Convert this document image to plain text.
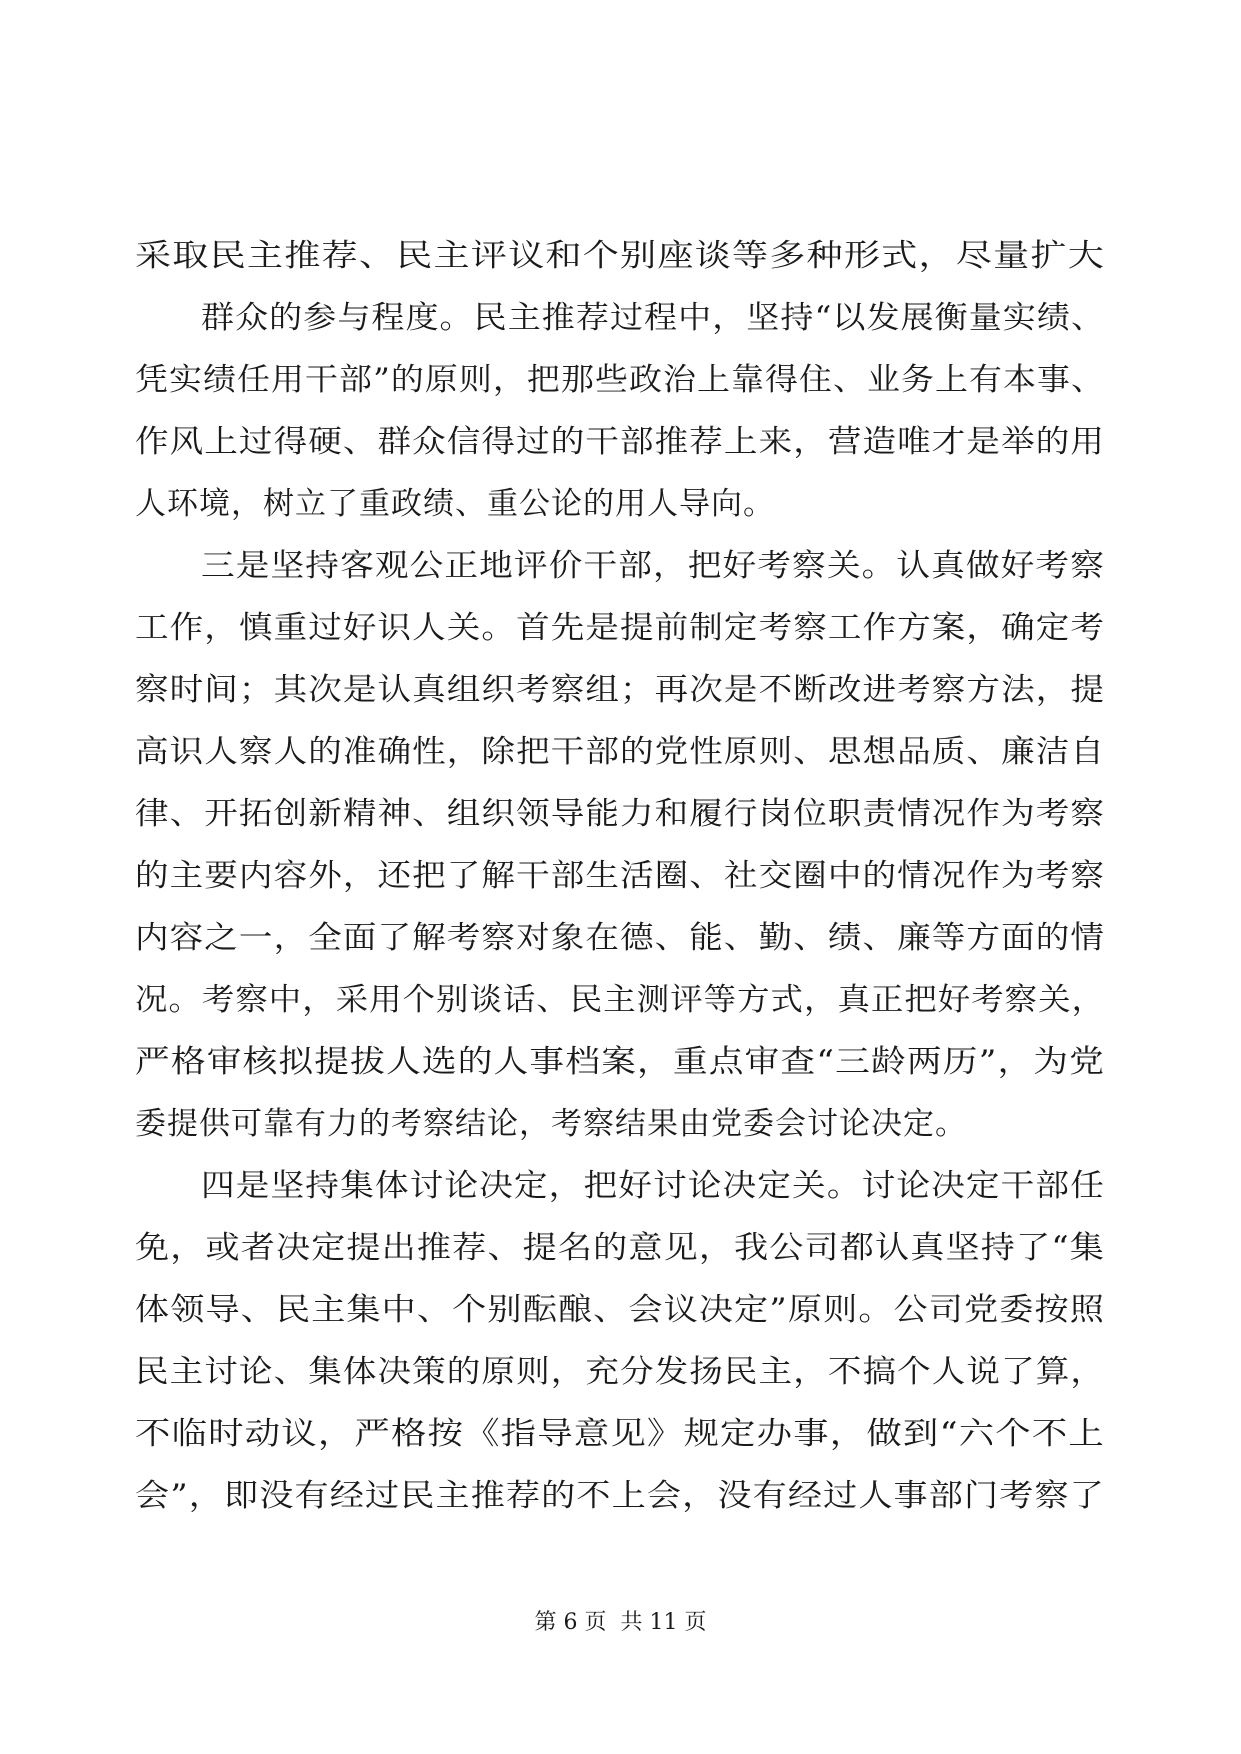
采取民主推荐、民主评议和个别座谈等多种形式，尽量扩大
群众的参与程度。民主推荐过程中，坚持“以发展衡量实绩、
凭实绩任用干部”的原则，把那些政治上靠得住、业务上有本事、
作风上过得硬、群众信得过的干部推荐上来，营造唯才是举的用
人环境，树立了重政绩、重公论的用人导向。
三是坚持客观公正地评价干部，把好考察关。认真做好考察
工作，慎重过好识人关。首先是提前制定考察工作方案，确定考
察时间；其次是认真组织考察组；再次是不断改进考察方法，提
高识人察人的准确性，除把干部的党性原则、思想品质、廉洁自
律、开拓创新精神、组织领导能力和履行岗位职责情况作为考察
的主要内容外，还把了解干部生活圈、社交圈中的情况作为考察
内容之一，全面了解考察对象在德、能、勤、绩、廉等方面的情
况。考察中，采用个别谈话、民主测评等方式，真正把好考察关，
严格审核拟提拔人选的人事档案，重点审查“三龄两历”，为党
委提供可靠有力的考察结论，考察结果由党委会讨论决定。
四是坚持集体讨论决定，把好讨论决定关。讨论决定干部任
免，或者决定提出推荐、提名的意见，我公司都认真坚持了“集
体领导、民主集中、个别酝酿、会议决定”原则。公司党委按照
民主讨论、集体决策的原则，充分发扬民主，不搞个人说了算，
不临时动议，严格按《指导意见》规定办事，做到“六个不上
会”，即没有经过民主推荐的不上会，没有经过人事部门考察了
第 6 页  共 11 页
